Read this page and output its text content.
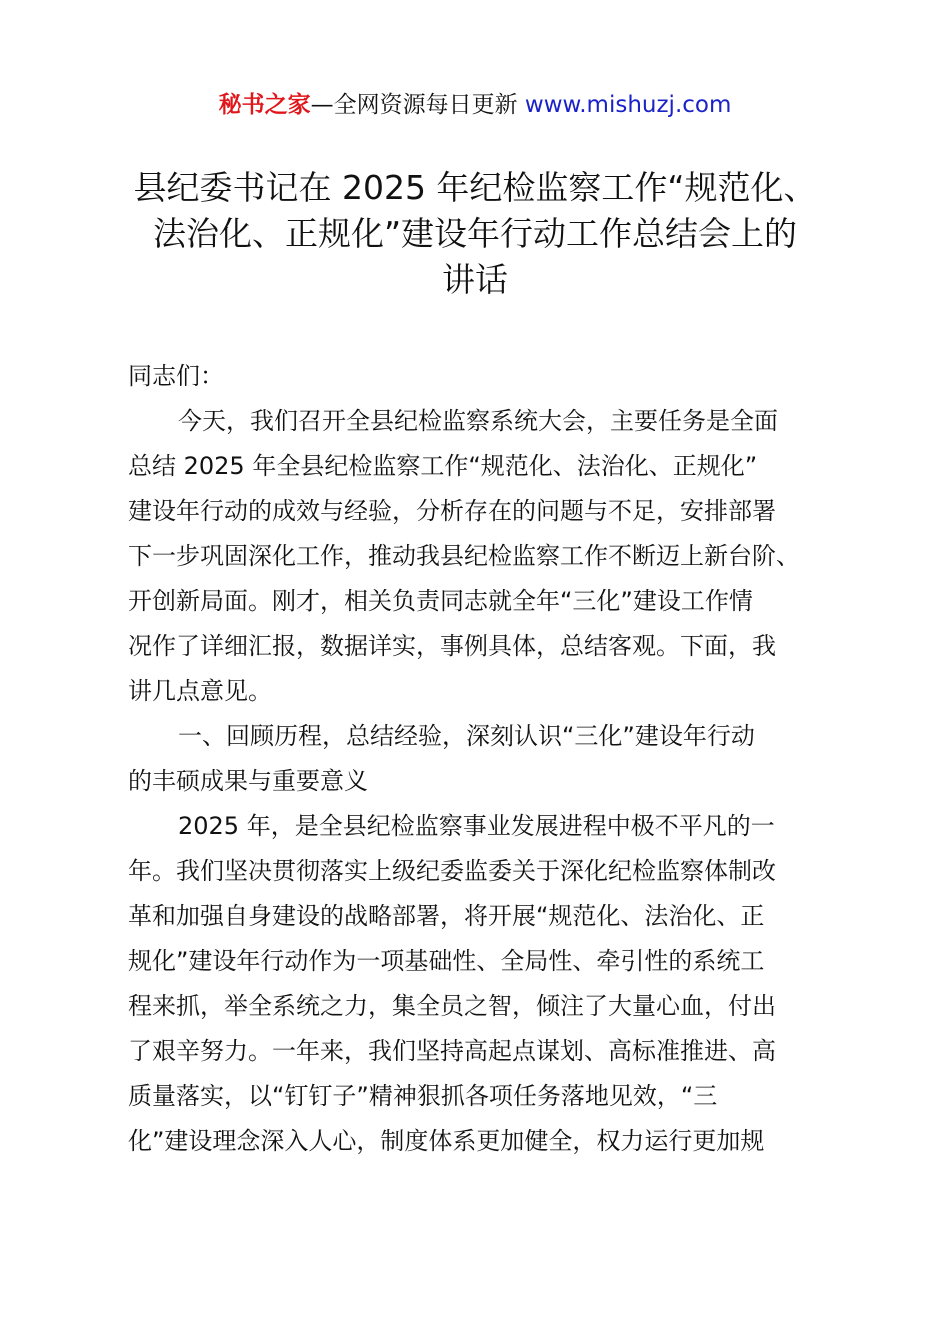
秘书之家—全网资源每日更新 www.mishuzj.com
县纪委书记在 2025 年纪检监察工作“规范化、
法治化、正规化”建设年行动工作总结会上的
讲话

同志们：

今天，我们召开全县纪检监察系统大会，主要任务是全面
总结 2025 年全县纪检监察工作“规范化、法治化、正规化”
建设年行动的成效与经验，分析存在的问题与不足，安排部署
下一步巩固深化工作，推动我县纪检监察工作不断迈上新台阶、
开创新局面。刚才，相关负责同志就全年“三化”建设工作情
况作了详细汇报，数据详实，事例具体，总结客观。下面，我
讲几点意见。

一、回顾历程，总结经验，深刻认识“三化”建设年行动
的丰硕成果与重要意义

2025 年，是全县纪检监察事业发展进程中极不平凡的一
年。我们坚决贯彻落实上级纪委监委关于深化纪检监察体制改
革和加强自身建设的战略部署，将开展“规范化、法治化、正
规化”建设年行动作为一项基础性、全局性、牵引性的系统工
程来抓，举全系统之力，集全员之智，倾注了大量心血，付出
了艰辛努力。一年来，我们坚持高起点谋划、高标准推进、高
质量落实，以“钉钉子”精神狠抓各项任务落地见效，“三
化”建设理念深入人心，制度体系更加健全，权力运行更加规
